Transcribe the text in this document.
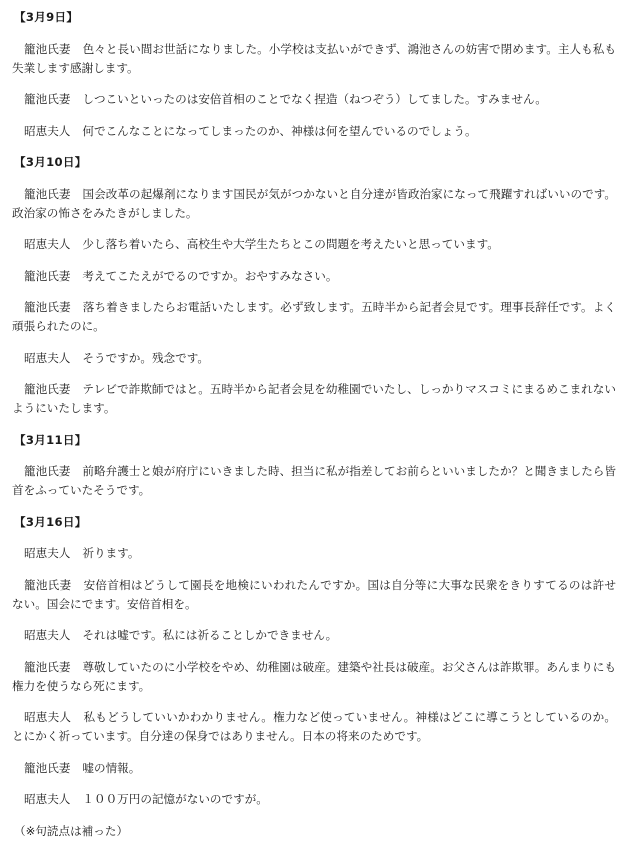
【3月9日】

籠池氏妻 色々と長い間お世話になりました。小学校は支払いができず、鴻池さんの妨害で閉めます。主人も私も失業します感謝します。

籠池氏妻 しつこいといったのは安倍首相のことでなく捏造（ねつぞう）してました。すみません。

昭恵夫人 何でこんなことになってしまったのか、神様は何を望んでいるのでしょう。

【3月10日】

籠池氏妻 国会改革の起爆剤になります国民が気がつかないと自分達が皆政治家になって飛躍すればいいのです。政治家の怖さをみたきがしました。

昭恵夫人 少し落ち着いたら、高校生や大学生たちとこの問題を考えたいと思っています。

籠池氏妻 考えてこたえがでるのですか。おやすみなさい。

籠池氏妻 落ち着きましたらお電話いたします。必ず致します。五時半から記者会見です。理事長辞任です。よく頑張られたのに。

昭恵夫人 そうですか。残念です。

籠池氏妻 テレビで詐欺師ではと。五時半から記者会見を幼稚園でいたし、しっかりマスコミにまるめこまれないようにいたします。

【3月11日】

籠池氏妻 前略弁護士と娘が府庁にいきました時、担当に私が指差してお前らといいましたか？と聞きましたら皆首をふっていたそうです。

【3月16日】

昭恵夫人 祈ります。

籠池氏妻 安倍首相はどうして園長を地検にいわれたんですか。国は自分等に大事な民衆をきりすてるのは許せない。国会にでます。安倍首相を。

昭恵夫人 それは嘘です。私には祈ることしかできません。

籠池氏妻 尊敬していたのに小学校をやめ、幼稚園は破産。建築や社長は破産。お父さんは詐欺罪。あんまりにも権力を使うなら死にます。

昭恵夫人 私もどうしていいかわかりません。権力など使っていません。神様はどこに導こうとしているのか。とにかく祈っています。自分達の保身ではありません。日本の将来のためです。

籠池氏妻 嘘の情報。

昭恵夫人 １００万円の記憶がないのですが。

（※句読点は補った）
